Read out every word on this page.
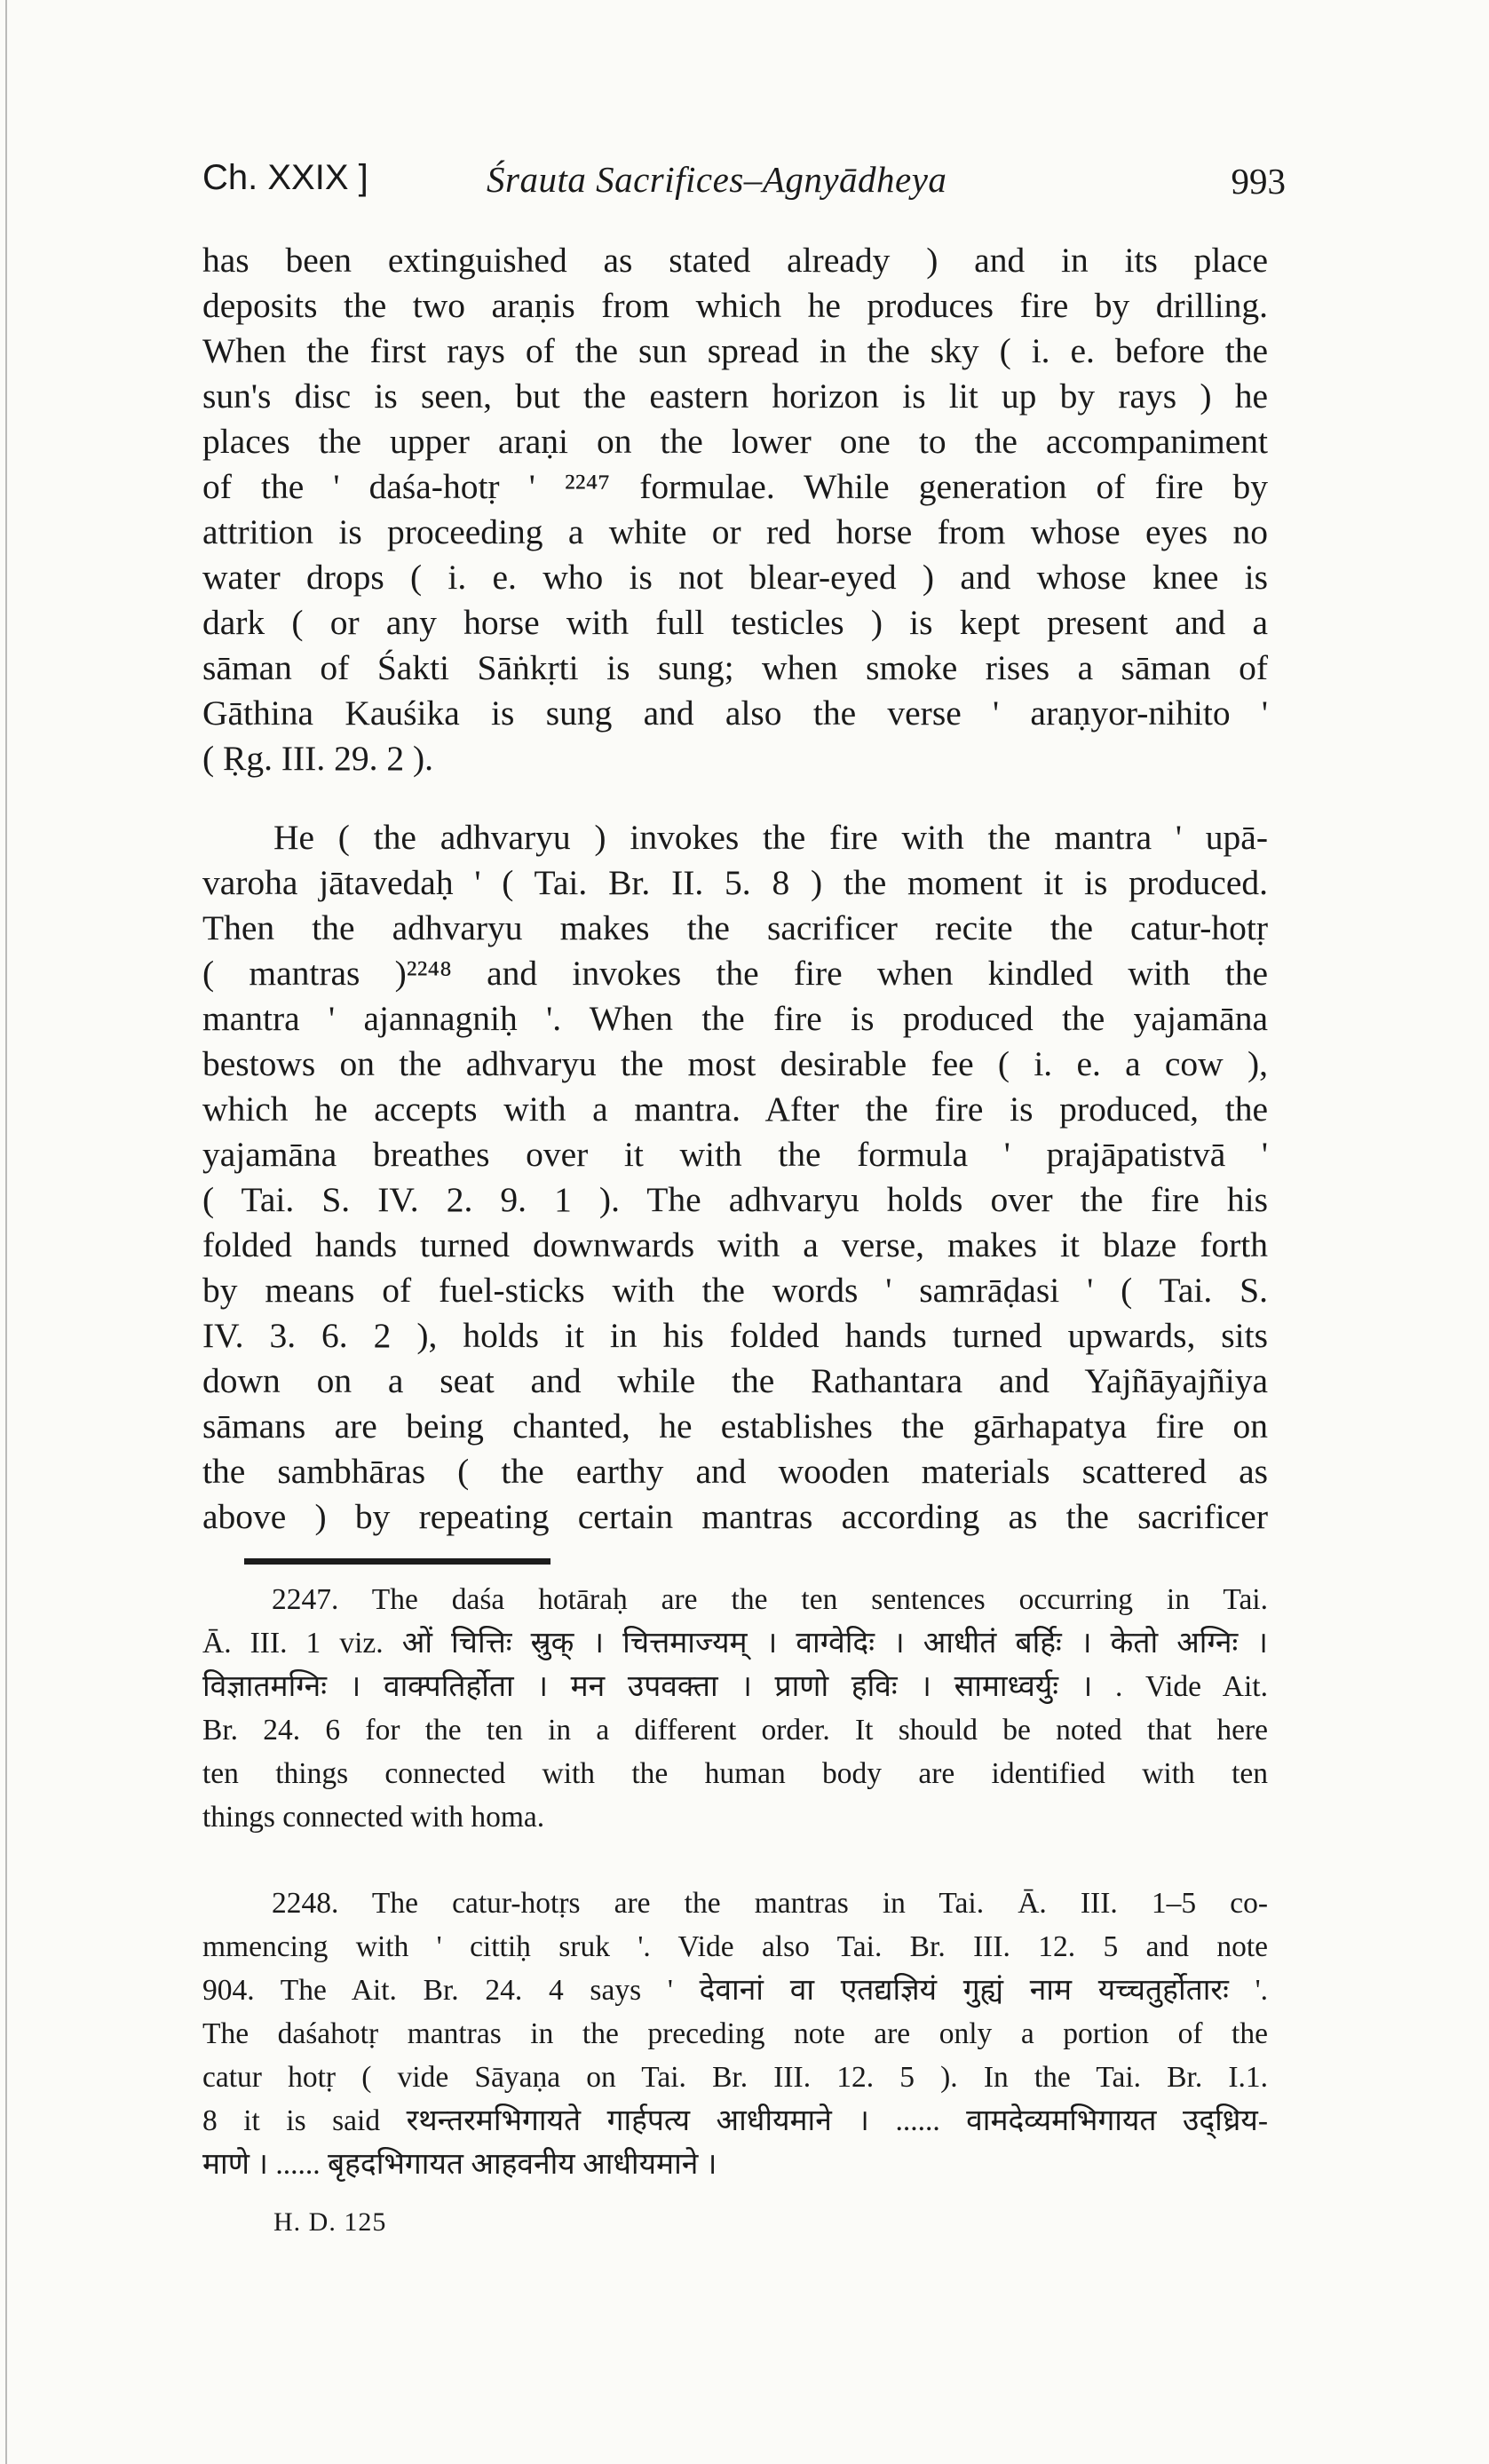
Ch. XXIX ]	Śrauta Sacrifices–Agnyādheya	993
has been extinguished as stated already ) and in its place
deposits the two araṇis from which he produces fire by drilling.
When the first rays of the sun spread in the sky ( i. e. before the
sun's disc is seen, but the eastern horizon is lit up by rays ) he
places the upper araṇi on the lower one to the accompaniment
of the ' daśa-hotṛ ' ²²⁴⁷ formulae. While generation of fire by
attrition is proceeding a white or red horse from whose eyes no
water drops ( i. e. who is not blear-eyed ) and whose knee is
dark ( or any horse with full testicles ) is kept present and a
sāman of Śakti Sāṅkṛti is sung; when smoke rises a sāman of
Gāthina Kauśika is sung and also the verse ' araṇyor-nihito '
( Ṛg. III. 29. 2 ).
He ( the adhvaryu ) invokes the fire with the mantra ' upā-
varoha jātavedaḥ ' ( Tai. Br. II. 5. 8 ) the moment it is produced.
Then the adhvaryu makes the sacrificer recite the catur-hotṛ
( mantras )²²⁴⁸ and invokes the fire when kindled with the
mantra ' ajannagniḥ '. When the fire is produced the yajamāna
bestows on the adhvaryu the most desirable fee ( i. e. a cow ),
which he accepts with a mantra. After the fire is produced, the
yajamāna breathes over it with the formula ' prajāpatistvā '
( Tai. S. IV. 2. 9. 1 ). The adhvaryu holds over the fire his
folded hands turned downwards with a verse, makes it blaze forth
by means of fuel-sticks with the words ' samrāḍasi ' ( Tai. S.
IV. 3. 6. 2 ), holds it in his folded hands turned upwards, sits
down on a seat and while the Rathantara and Yajñāyajñiya
sāmans are being chanted, he establishes the gārhapatya fire on
the sambhāras ( the earthy and wooden materials scattered as
above ) by repeating certain mantras according as the sacrificer
2247. The daśa hotāraḥ are the ten sentences occurring in Tai.
Ā. III. 1 viz. ओं चित्तिः स्रुक् । चित्तमाज्यम् । वाग्वेदिः । आधीतं बर्हिः । केतो अग्निः ।
विज्ञातमग्निः । वाक्पतिर्होता । मन उपवक्ता । प्राणो हविः । सामाध्वर्युः । . Vide Ait.
Br. 24. 6 for the ten in a different order. It should be noted that here
ten things connected with the human body are identified with ten
things connected with homa.
2248. The catur-hotṛs are the mantras in Tai. Ā. III. 1–5 co-
mmencing with ' cittiḥ sruk '. Vide also Tai. Br. III. 12. 5 and note
904. The Ait. Br. 24. 4 says ' देवानां वा एतद्यज्ञियं गुह्यं नाम यच्चतुर्होतारः '.
The daśahotṛ mantras in the preceding note are only a portion of the
catur hotṛ ( vide Sāyaṇa on Tai. Br. III. 12. 5 ). In the Tai. Br. I.1.
8 it is said रथन्तरमभिगायते गार्हपत्य आधीयमाने । ...... वामदेव्यमभिगायत उद्ध्रिय-
माणे । ...... बृहदभिगायत आहवनीय आधीयमाने ।
H. D. 125
